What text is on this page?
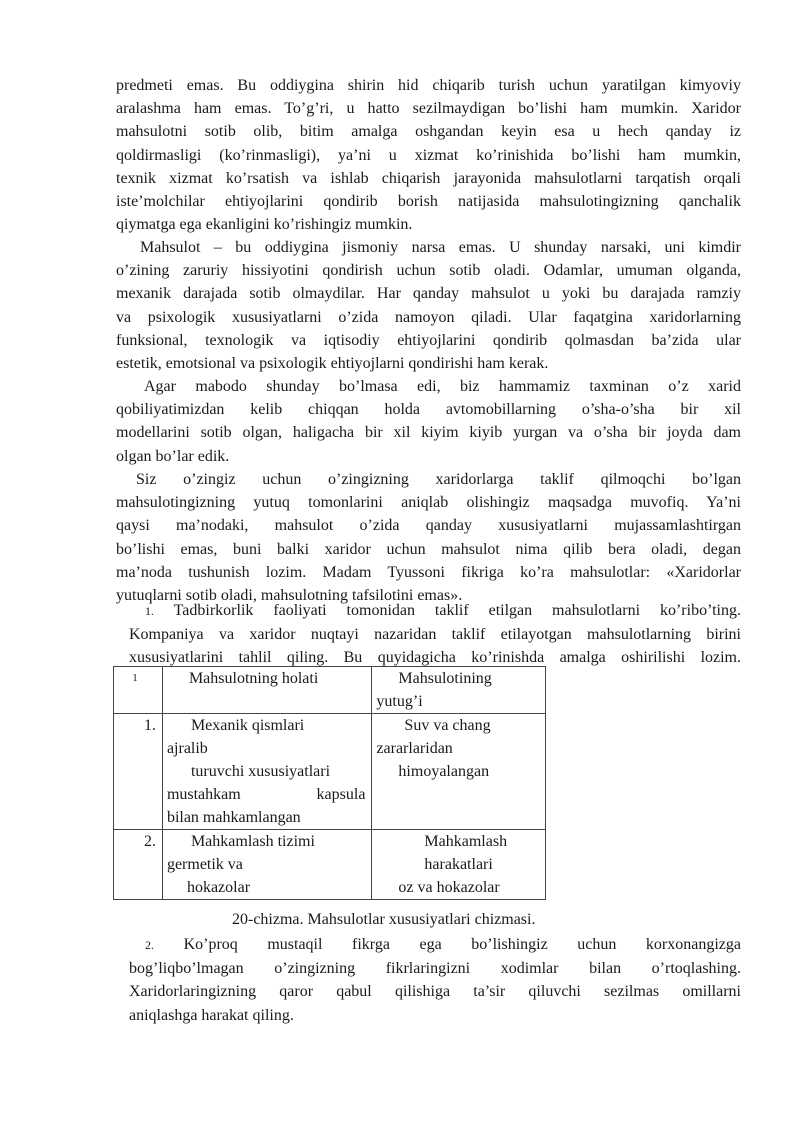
predmeti emas. Bu oddiygina shirin hid chiqarib turish uchun yaratilgan kimyoviy
aralashma ham emas. To’g’ri, u hatto sezilmaydigan bo’lishi ham mumkin. Xaridor
mahsulotni sotib olib, bitim amalga oshgandan keyin esa u hech qanday iz
qoldirmasligi (ko’rinmasligi), ya’ni u xizmat ko’rinishida bo’lishi ham mumkin,
texnik xizmat ko’rsatish va ishlab chiqarish jarayonida mahsulotlarni tarqatish orqali
iste’molchilar ehtiyojlarini qondirib borish natijasida mahsulotingizning qanchalik
qiymatga ega ekanligini ko’rishingiz mumkin.
Mahsulot – bu oddiygina jismoniy narsa emas. U shunday narsaki, uni kimdir
o’zining zaruriy hissiyotini qondirish uchun sotib oladi. Odamlar, umuman olganda,
mexanik darajada sotib olmaydilar. Har qanday mahsulot u yoki bu darajada ramziy
va psixologik xususiyatlarni o’zida namoyon qiladi. Ular faqatgina xaridorlarning
funksional, texnologik va iqtisodiy ehtiyojlarini qondirib qolmasdan ba’zida ular
estetik, emotsional va psixologik ehtiyojlarni qondirishi ham kerak.
Agar mabodo shunday bo’lmasa edi, biz hammamiz taxminan o’z xarid
qobiliyatimizdan kelib chiqqan holda avtomobillarning o’sha-o’sha bir xil
modellarini sotib olgan, haligacha bir xil kiyim kiyib yurgan va o’sha bir joyda dam
olgan bo’lar edik.
Siz o’zingiz uchun o’zingizning xaridorlarga taklif qilmoqchi bo’lgan
mahsulotingizning yutuq tomonlarini aniqlab olishingiz maqsadga muvofiq. Ya’ni
qaysi ma’nodaki, mahsulot o’zida qanday xususiyatlarni mujassamlashtirgan
bo’lishi emas, buni balki xaridor uchun mahsulot nima qilib bera oladi, degan
ma’noda tushunish lozim. Madam Tyussoni fikriga ko’ra mahsulotlar: «Xaridorlar
yutuqlarni sotib oladi, mahsulotning tafsilotini emas».
1. Tadbirkorlik faoliyati tomonidan taklif etilgan mahsulotlarni ko’ribo’ting.
Kompaniya va xaridor nuqtayi nazaridan taklif etilayotgan mahsulotlarning birini
xususiyatlarini tahlil qiling. Bu quyidagicha ko’rinishda amalga oshirilishi lozim.
1	Mahsulotning holati	Mahsulotining
yutug’i

1.	Mexanik qismlari
ajralib
turuvchi xususiyatlari
mustahkam kapsula
bilan mahkamlangan	Suv va chang
zararlaridan
himoyalangan

2.	Mahkamlash tizimi
germetik va
hokazolar	Mahkamlash
harakatlari
oz va hokazolar
20-chizma. Mahsulotlar xususiyatlari chizmasi.
2. Ko’proq mustaqil fikrga ega bo’lishingiz uchun korxonangizga
bog’liqbo’lmagan o’zingizning fikrlaringizni xodimlar bilan o’rtoqlashing.
Xaridorlaringizning qaror qabul qilishiga ta’sir qiluvchi sezilmas omillarni
aniqlashga harakat qiling.
